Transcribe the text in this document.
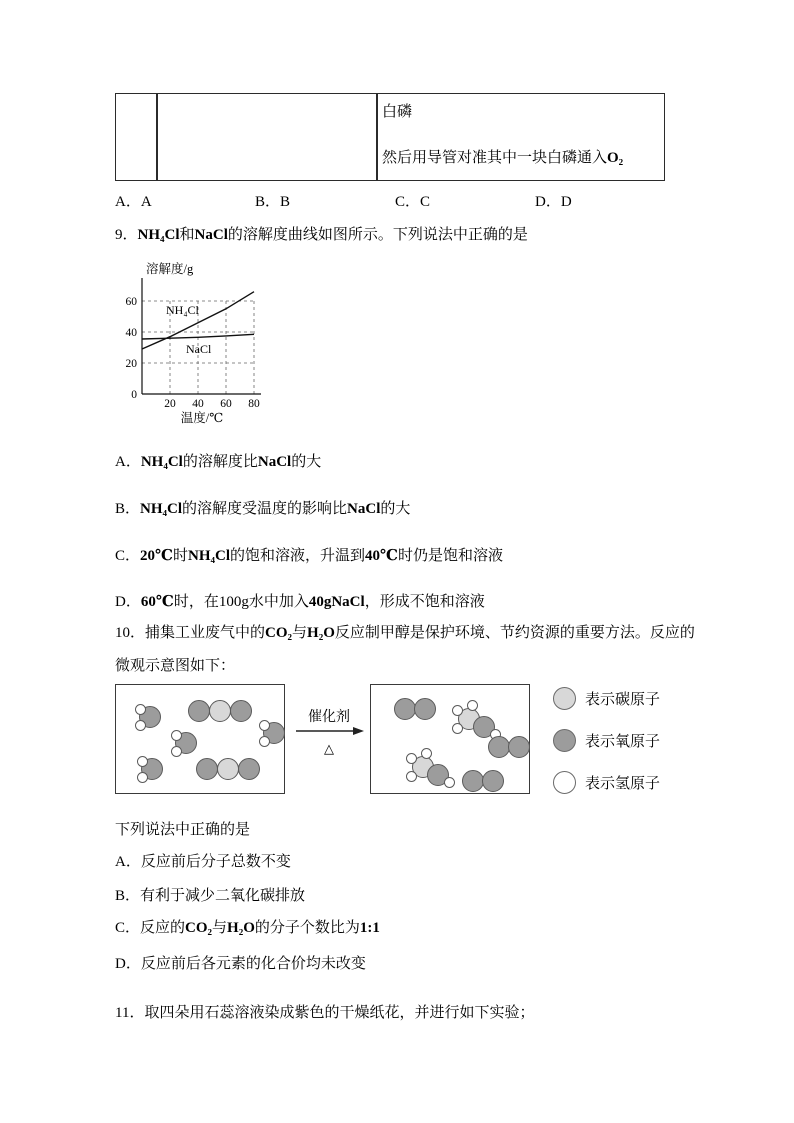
白磷
然后用导管对准其中一块白磷通入O₂
A．A	B．B	C．C	D．D
9．NH₄Cl和NaCl的溶解度曲线如图所示。下列说法中正确的是
0
20
40
60
20 40 60 80
溶解度/g
温度/℃
NH₄Cl
NaCl
A．NH₄Cl的溶解度比NaCl的大
B．NH₄Cl的溶解度受温度的影响比NaCl的大
C．20℃时NH₄Cl的饱和溶液，升温到40℃时仍是饱和溶液
D．60℃时，在100g水中加入40gNaCl，形成不饱和溶液
10．捕集工业废气中的CO₂与H₂O反应制甲醇是保护环境、节约资源的重要方法。反应的
微观示意图如下：
催化剂
△
表示碳原子
表示氧原子
表示氢原子
下列说法中正确的是
A．反应前后分子总数不变
B．有利于减少二氧化碳排放
C．反应的CO₂与H₂O的分子个数比为1:1
D．反应前后各元素的化合价均未改变
11．取四朵用石蕊溶液染成紫色的干燥纸花，并进行如下实验；
